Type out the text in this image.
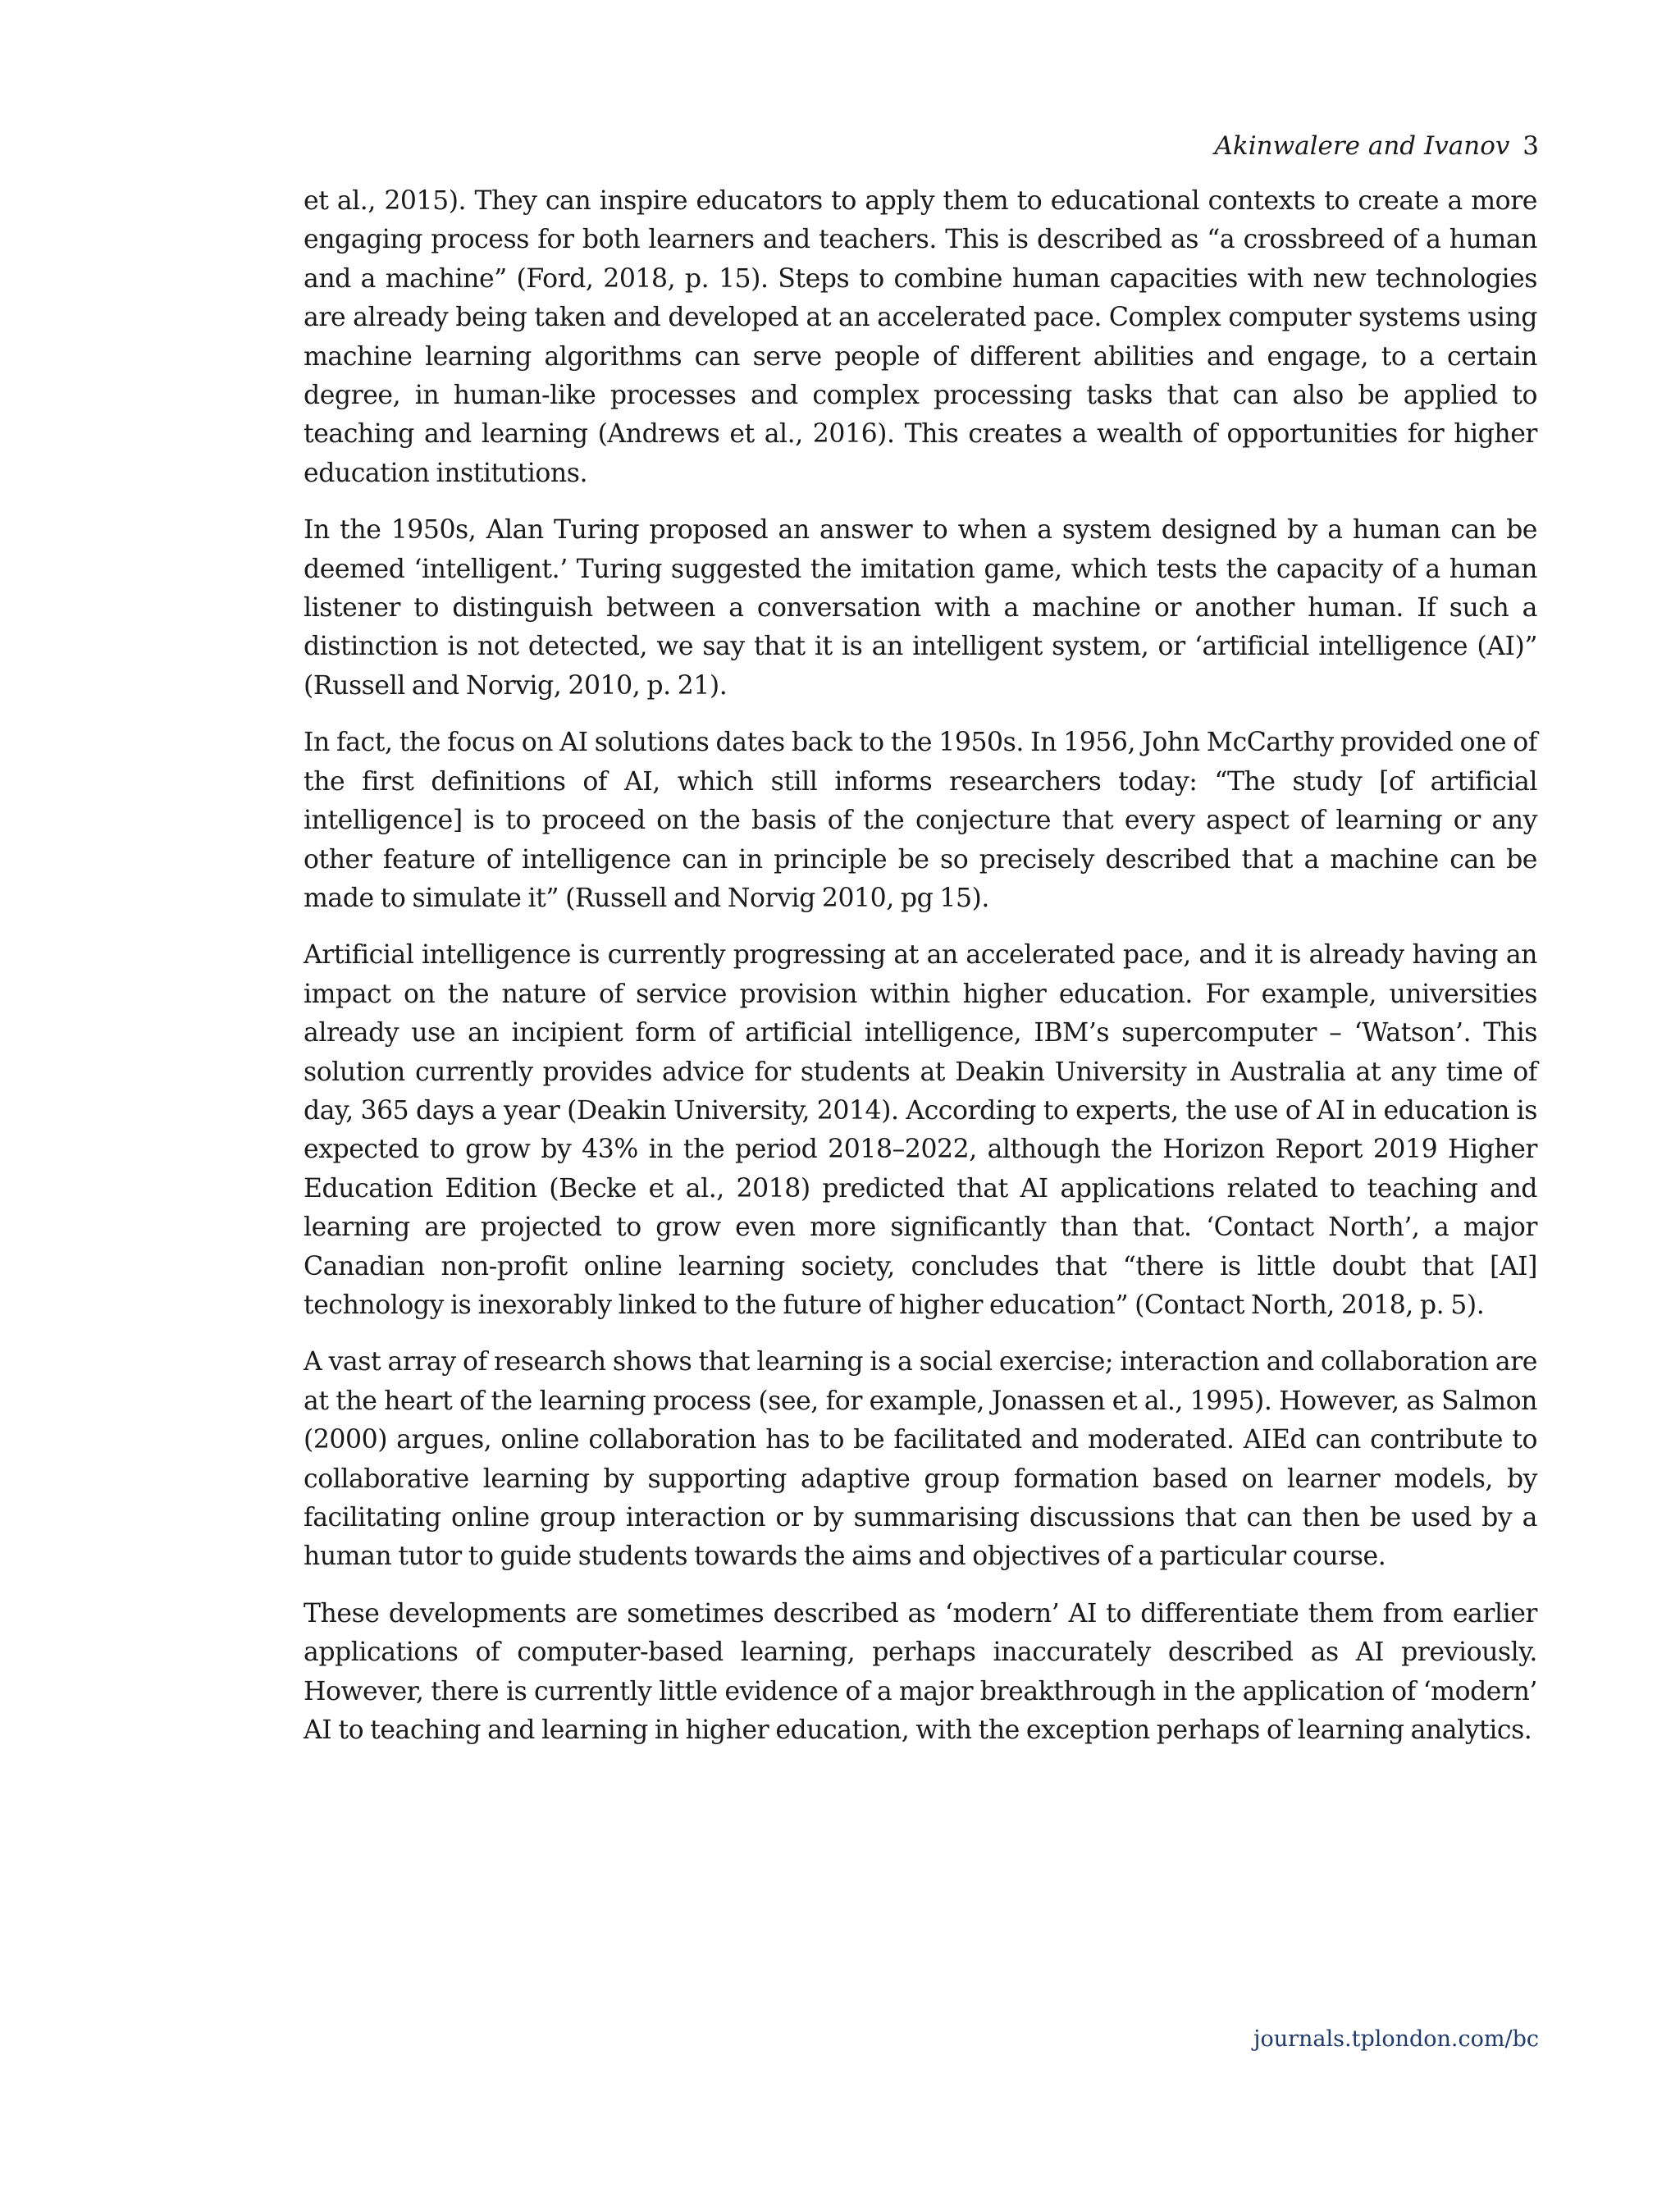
Akinwalere and Ivanov 3

et al., 2015). They can inspire educators to apply them to educational contexts to create a more engaging process for both learners and teachers. This is described as “a crossbreed of a human and a machine” (Ford, 2018, p. 15). Steps to combine human capacities with new technologies are already being taken and developed at an accelerated pace. Complex computer systems using machine learning algorithms can serve people of different abilities and engage, to a certain degree, in human-like processes and complex processing tasks that can also be applied to teaching and learning (Andrews et al., 2016). This creates a wealth of opportunities for higher education institutions.

In the 1950s, Alan Turing proposed an answer to when a system designed by a human can be deemed ‘intelligent.’ Turing suggested the imitation game, which tests the capacity of a human listener to distinguish between a conversation with a machine or another human. If such a distinction is not detected, we say that it is an intelligent system, or ‘artificial intelligence (AI)” (Russell and Norvig, 2010, p. 21).

In fact, the focus on AI solutions dates back to the 1950s. In 1956, John McCarthy provided one of the first definitions of AI, which still informs researchers today: “The study [of artificial intelligence] is to proceed on the basis of the conjecture that every aspect of learning or any other feature of intelligence can in principle be so precisely described that a machine can be made to simulate it” (Russell and Norvig 2010, pg 15).

Artificial intelligence is currently progressing at an accelerated pace, and it is already having an impact on the nature of service provision within higher education. For example, universities already use an incipient form of artificial intelligence, IBM’s supercomputer – ‘Watson’. This solution currently provides advice for students at Deakin University in Australia at any time of day, 365 days a year (Deakin University, 2014). According to experts, the use of AI in education is expected to grow by 43% in the period 2018–2022, although the Horizon Report 2019 Higher Education Edition (Becke et al., 2018) predicted that AI applications related to teaching and learning are projected to grow even more significantly than that. ‘Contact North’, a major Canadian non-profit online learning society, concludes that “there is little doubt that [AI] technology is inexorably linked to the future of higher education” (Contact North, 2018, p. 5).

A vast array of research shows that learning is a social exercise; interaction and collaboration are at the heart of the learning process (see, for example, Jonassen et al., 1995). However, as Salmon (2000) argues, online collaboration has to be facilitated and moderated. AIEd can contribute to collaborative learning by supporting adaptive group formation based on learner models, by facilitating online group interaction or by summarising discussions that can then be used by a human tutor to guide students towards the aims and objectives of a particular course.

These developments are sometimes described as ‘modern’ AI to differentiate them from earlier applications of computer-based learning, perhaps inaccurately described as AI previously. However, there is currently little evidence of a major breakthrough in the application of ‘modern’ AI to teaching and learning in higher education, with the exception perhaps of learning analytics.

journals.tplondon.com/bc
